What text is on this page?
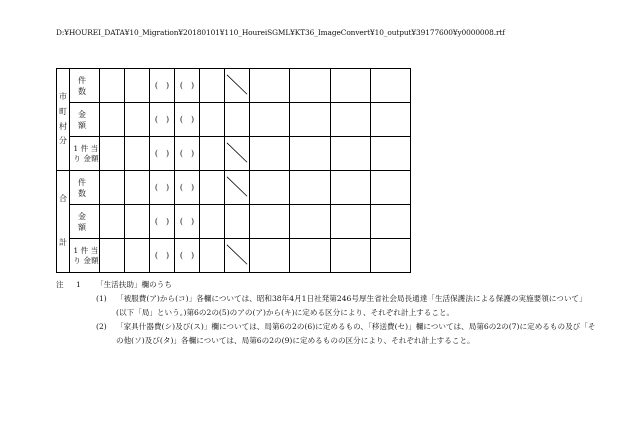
D:¥HOUREI_DATA¥10_Migration¥20180101¥110_HoureiSGML¥KT36_ImageConvert¥10_output¥39177600¥y0000008.rtf
市
町
村
分	件 数			(　)	(　)		

	金 額			(　)	(　)						
	1 件 当
り 金額			(　)	(　)		

合

計	件 数			(　)	(　)		

	金 額			(　)	(　)						
	1 件 当
り 金額			(　)	(　)		

注	1	「生活扶助」欄のうち
(1)	「被服費(ア)から(コ)」各欄については、昭和38年4月1日社発第246号厚生省社会局長通達「生活保護法による保護の実施要領について」(以下「局」という。)第6の2の(5)のアの(ア)から(キ)に定める区分により、それぞれ計上すること。
(2)	「家具什器費(シ)及び(ス)」欄については、局第6の2の(6)に定めるもの、「移送費(セ)」欄については、局第6の2の(7)に定めるもの及び「その他(ソ)及び(タ)」各欄については、局第6の2の(9)に定めるものの区分により、それぞれ計上すること。
